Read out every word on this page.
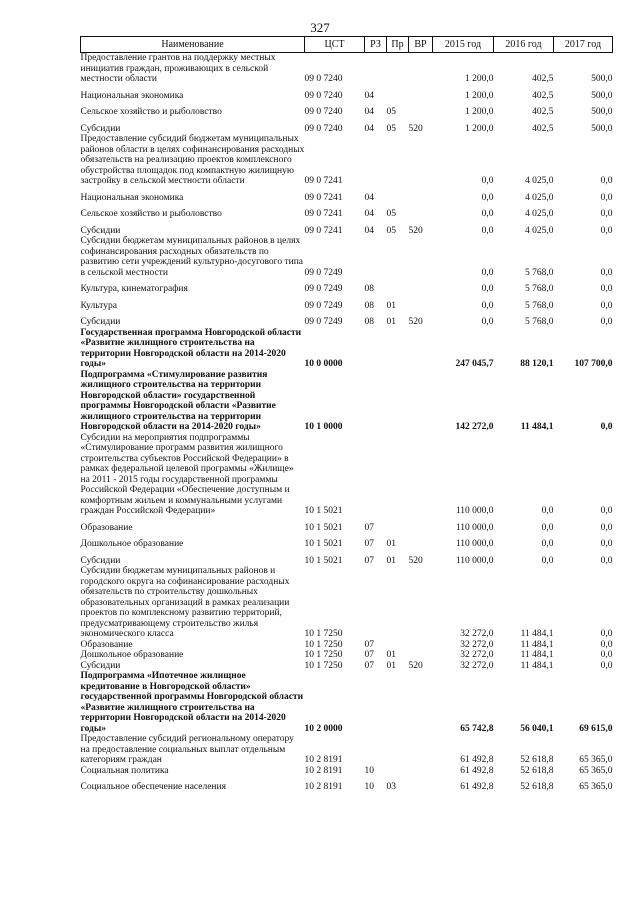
327
Наименование	ЦСТ	РЗ	Пр	ВР	2015 год	2016 год	2017 год
Предоставление грантов на поддержку местных инициатив граждан, проживающих в сельской местности области	09 0 7240				1 200,0	402,5	500,0
Национальная экономика	09 0 7240	04			1 200,0	402,5	500,0
Сельское хозяйство и рыболовство	09 0 7240	04	05		1 200,0	402,5	500,0
Субсидии	09 0 7240	04	05	520	1 200,0	402,5	500,0
Предоставление субсидий бюджетам муниципальных районов области в целях софинансирования расходных обязательств на реализацию проектов комплексного обустройства площадок под компактную жилищную застройку в сельской местности области	09 0 7241				0,0	4 025,0	0,0
Национальная экономика	09 0 7241	04			0,0	4 025,0	0,0
Сельское хозяйство и рыболовство	09 0 7241	04	05		0,0	4 025,0	0,0
Субсидии	09 0 7241	04	05	520	0,0	4 025,0	0,0
Субсидии бюджетам муниципальных районов в целях софинансирования расходных обязательств по развитию сети учреждений культурно-досугового типа в сельской местности	09 0 7249				0,0	5 768,0	0,0
Культура, кинематография	09 0 7249	08			0,0	5 768,0	0,0
Культура	09 0 7249	08	01		0,0	5 768,0	0,0
Субсидии	09 0 7249	08	01	520	0,0	5 768,0	0,0
Государственная программа Новгородской области «Развитие жилищного строительства на территории Новгородской области на 2014-2020 годы»	10 0 0000				247 045,7	88 120,1	107 700,0
Подпрограмма «Стимулирование развития жилищного строительства на территории Новгородской области» государственной программы Новгородской области «Развитие жилищного строительства на территории Новгородской области на 2014-2020 годы»	10 1 0000				142 272,0	11 484,1	0,0
Субсидии на мероприятия подпрограммы «Стимулирование программ развития жилищного строительства субъектов Российской Федерации» в рамках федеральной целевой программы «Жилище» на 2011 - 2015 годы государственной программы Российской Федерации «Обеспечение доступным и комфортным жильем и коммунальными услугами граждан Российской Федерации»	10 1 5021				110 000,0	0,0	0,0
Образование	10 1 5021	07			110 000,0	0,0	0,0
Дошкольное образование	10 1 5021	07	01		110 000,0	0,0	0,0
Субсидии	10 1 5021	07	01	520	110 000,0	0,0	0,0
Субсидии бюджетам муниципальных районов и городского округа на софинансирование расходных обязательств по строительству дошкольных образовательных организаций в рамках реализации проектов по комплексному развитию территорий, предусматривающему строительство жилья экономического класса	10 1 7250				32 272,0	11 484,1	0,0
Образование	10 1 7250	07			32 272,0	11 484,1	0,0
Дошкольное образование	10 1 7250	07	01		32 272,0	11 484,1	0,0
Субсидии	10 1 7250	07	01	520	32 272,0	11 484,1	0,0
Подпрограмма «Ипотечное жилищное кредитование в Новгородской области» государственной программы Новгородской области «Развитие жилищного строительства на территории Новгородской области на 2014-2020 годы»	10 2 0000				65 742,8	56 040,1	69 615,0
Предоставление субсидий региональному оператору на предоставление социальных выплат отдельным категориям граждан	10 2 8191				61 492,8	52 618,8	65 365,0
Социальная политика	10 2 8191	10			61 492,8	52 618,8	65 365,0
Социальное обеспечение населения	10 2 8191	10	03		61 492,8	52 618,8	65 365,0
